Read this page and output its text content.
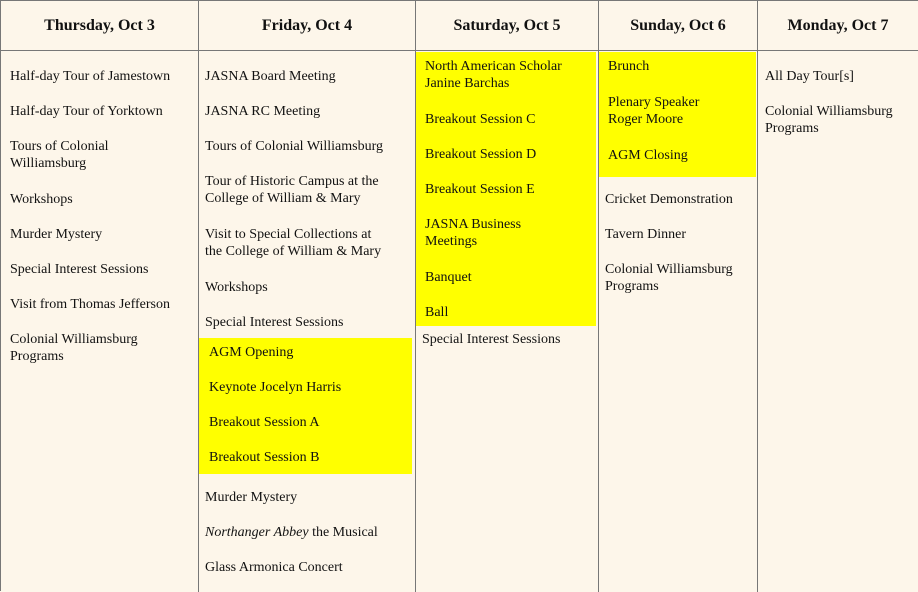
Thursday, Oct 3
Half-day Tour of Jamestown
Half-day Tour of Yorktown
Tours of Colonial
Williamsburg
Workshops
Murder Mystery
Special Interest Sessions
Visit from Thomas Jefferson
Colonial Williamsburg
Programs
Friday, Oct 4
JASNA Board Meeting
JASNA RC Meeting
Tours of Colonial Williamsburg
Tour of Historic Campus at the
College of William & Mary
Visit to Special Collections at
the College of William & Mary
Workshops
Special Interest Sessions
AGM Opening
Keynote Jocelyn Harris
Breakout Session A
Breakout Session B
Murder Mystery
Northanger Abbey the Musical
Glass Armonica Concert
Saturday, Oct 5
North American Scholar
Janine Barchas
Breakout Session C
Breakout Session D
Breakout Session E
JASNA Business
Meetings
Banquet
Ball
Special Interest Sessions
Sunday, Oct 6
Brunch
Plenary Speaker
Roger Moore
AGM Closing
Cricket Demonstration
Tavern Dinner
Colonial Williamsburg
Programs
Monday, Oct 7
All Day Tour[s]
Colonial Williamsburg
Programs
